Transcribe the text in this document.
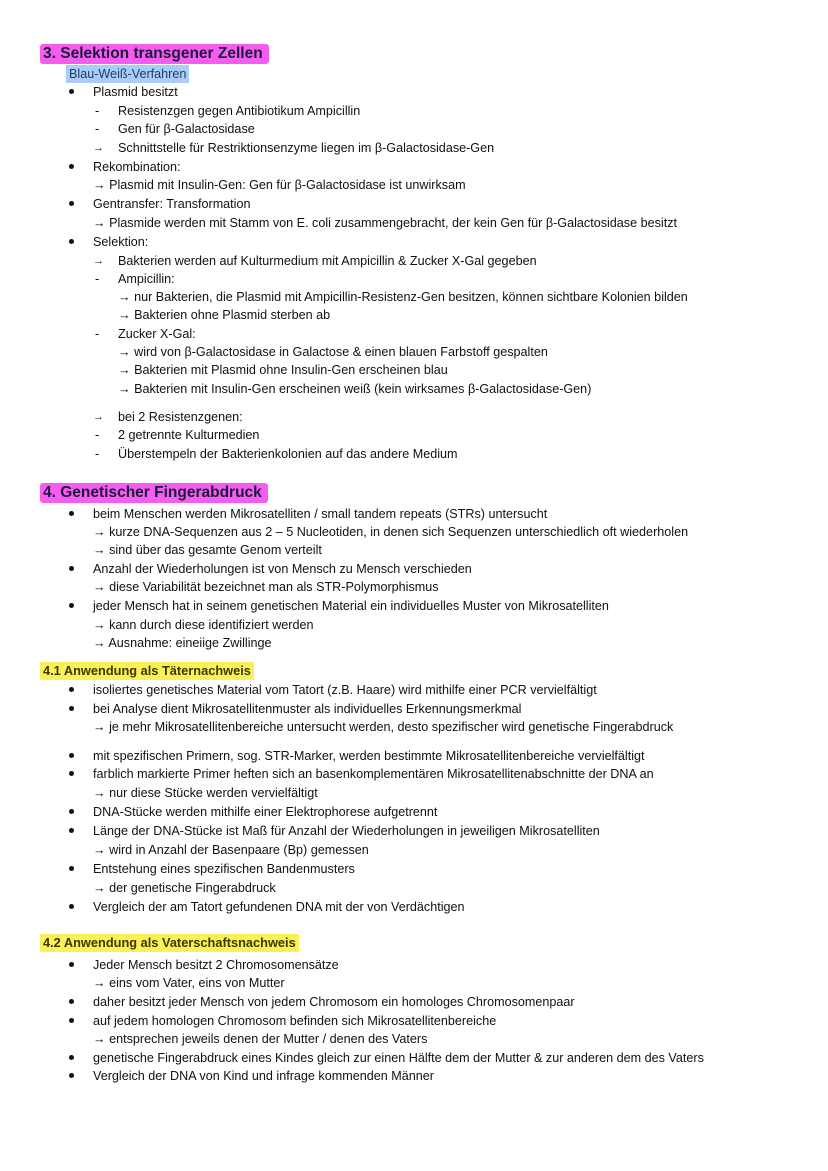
3. Selektion transgener Zellen
Blau-Weiß-Verfahren
Plasmid besitzt
- Resistenzgen gegen Antibiotikum Ampicillin
- Gen für β-Galactosidase
→ Schnittstelle für Restriktionsenzyme liegen im β-Galactosidase-Gen
Rekombination:
→ Plasmid mit Insulin-Gen: Gen für β-Galactosidase ist unwirksam
Gentransfer: Transformation
→ Plasmide werden mit Stamm von E. coli zusammengebracht, der kein Gen für β-Galactosidase besitzt
Selektion:
→ Bakterien werden auf Kulturmedium mit Ampicillin & Zucker X-Gal gegeben
- Ampicillin:
→ nur Bakterien, die Plasmid mit Ampicillin-Resistenz-Gen besitzen, können sichtbare Kolonien bilden
→ Bakterien ohne Plasmid sterben ab
- Zucker X-Gal:
→ wird von β-Galactosidase in Galactose & einen blauen Farbstoff gespalten
→ Bakterien mit Plasmid ohne Insulin-Gen erscheinen blau
→ Bakterien mit Insulin-Gen erscheinen weiß (kein wirksames β-Galactosidase-Gen)
→ bei 2 Resistenzgenen:
- 2 getrennte Kulturmedien
- Überstempeln der Bakterienkolonien auf das andere Medium
4. Genetischer Fingerabdruck
beim Menschen werden Mikrosatelliten / small tandem repeats (STRs) untersucht
→ kurze DNA-Sequenzen aus 2 – 5 Nucleotiden, in denen sich Sequenzen unterschiedlich oft wiederholen
→ sind über das gesamte Genom verteilt
Anzahl der Wiederholungen ist von Mensch zu Mensch verschieden
→ diese Variabilität bezeichnet man als STR-Polymorphismus
jeder Mensch hat in seinem genetischen Material ein individuelles Muster von Mikrosatelliten
→ kann durch diese identifiziert werden
→ Ausnahme: eineiige Zwillinge
4.1 Anwendung als Täternachweis
isoliertes genetisches Material vom Tatort (z.B. Haare) wird mithilfe einer PCR vervielfältigt
bei Analyse dient Mikrosatellitenmuster als individuelles Erkennungsmerkmal
→ je mehr Mikrosatellitenbereiche untersucht werden, desto spezifischer wird genetische Fingerabdruck
mit spezifischen Primern, sog. STR-Marker, werden bestimmte Mikrosatellitenbereiche vervielfältigt
farblich markierte Primer heften sich an basenkomplementären Mikrosatellitenabschnitte der DNA an
→ nur diese Stücke werden vervielfältigt
DNA-Stücke werden mithilfe einer Elektrophorese aufgetrennt
Länge der DNA-Stücke ist Maß für Anzahl der Wiederholungen in jeweiligen Mikrosatelliten
→ wird in Anzahl der Basenpaare (Bp) gemessen
Entstehung eines spezifischen Bandenmusters
→ der genetische Fingerabdruck
Vergleich der am Tatort gefundenen DNA mit der von Verdächtigen
4.2 Anwendung als Vaterschaftsnachweis
Jeder Mensch besitzt 2 Chromosomensätze
→ eins vom Vater, eins von Mutter
daher besitzt jeder Mensch von jedem Chromosom ein homologes Chromosomenpaar
auf jedem homologen Chromosom befinden sich Mikrosatellitenbereiche
→ entsprechen jeweils denen der Mutter / denen des Vaters
genetische Fingerabdruck eines Kindes gleich zur einen Hälfte dem der Mutter & zur anderen dem des Vaters
Vergleich der DNA von Kind und infrage kommenden Männer
